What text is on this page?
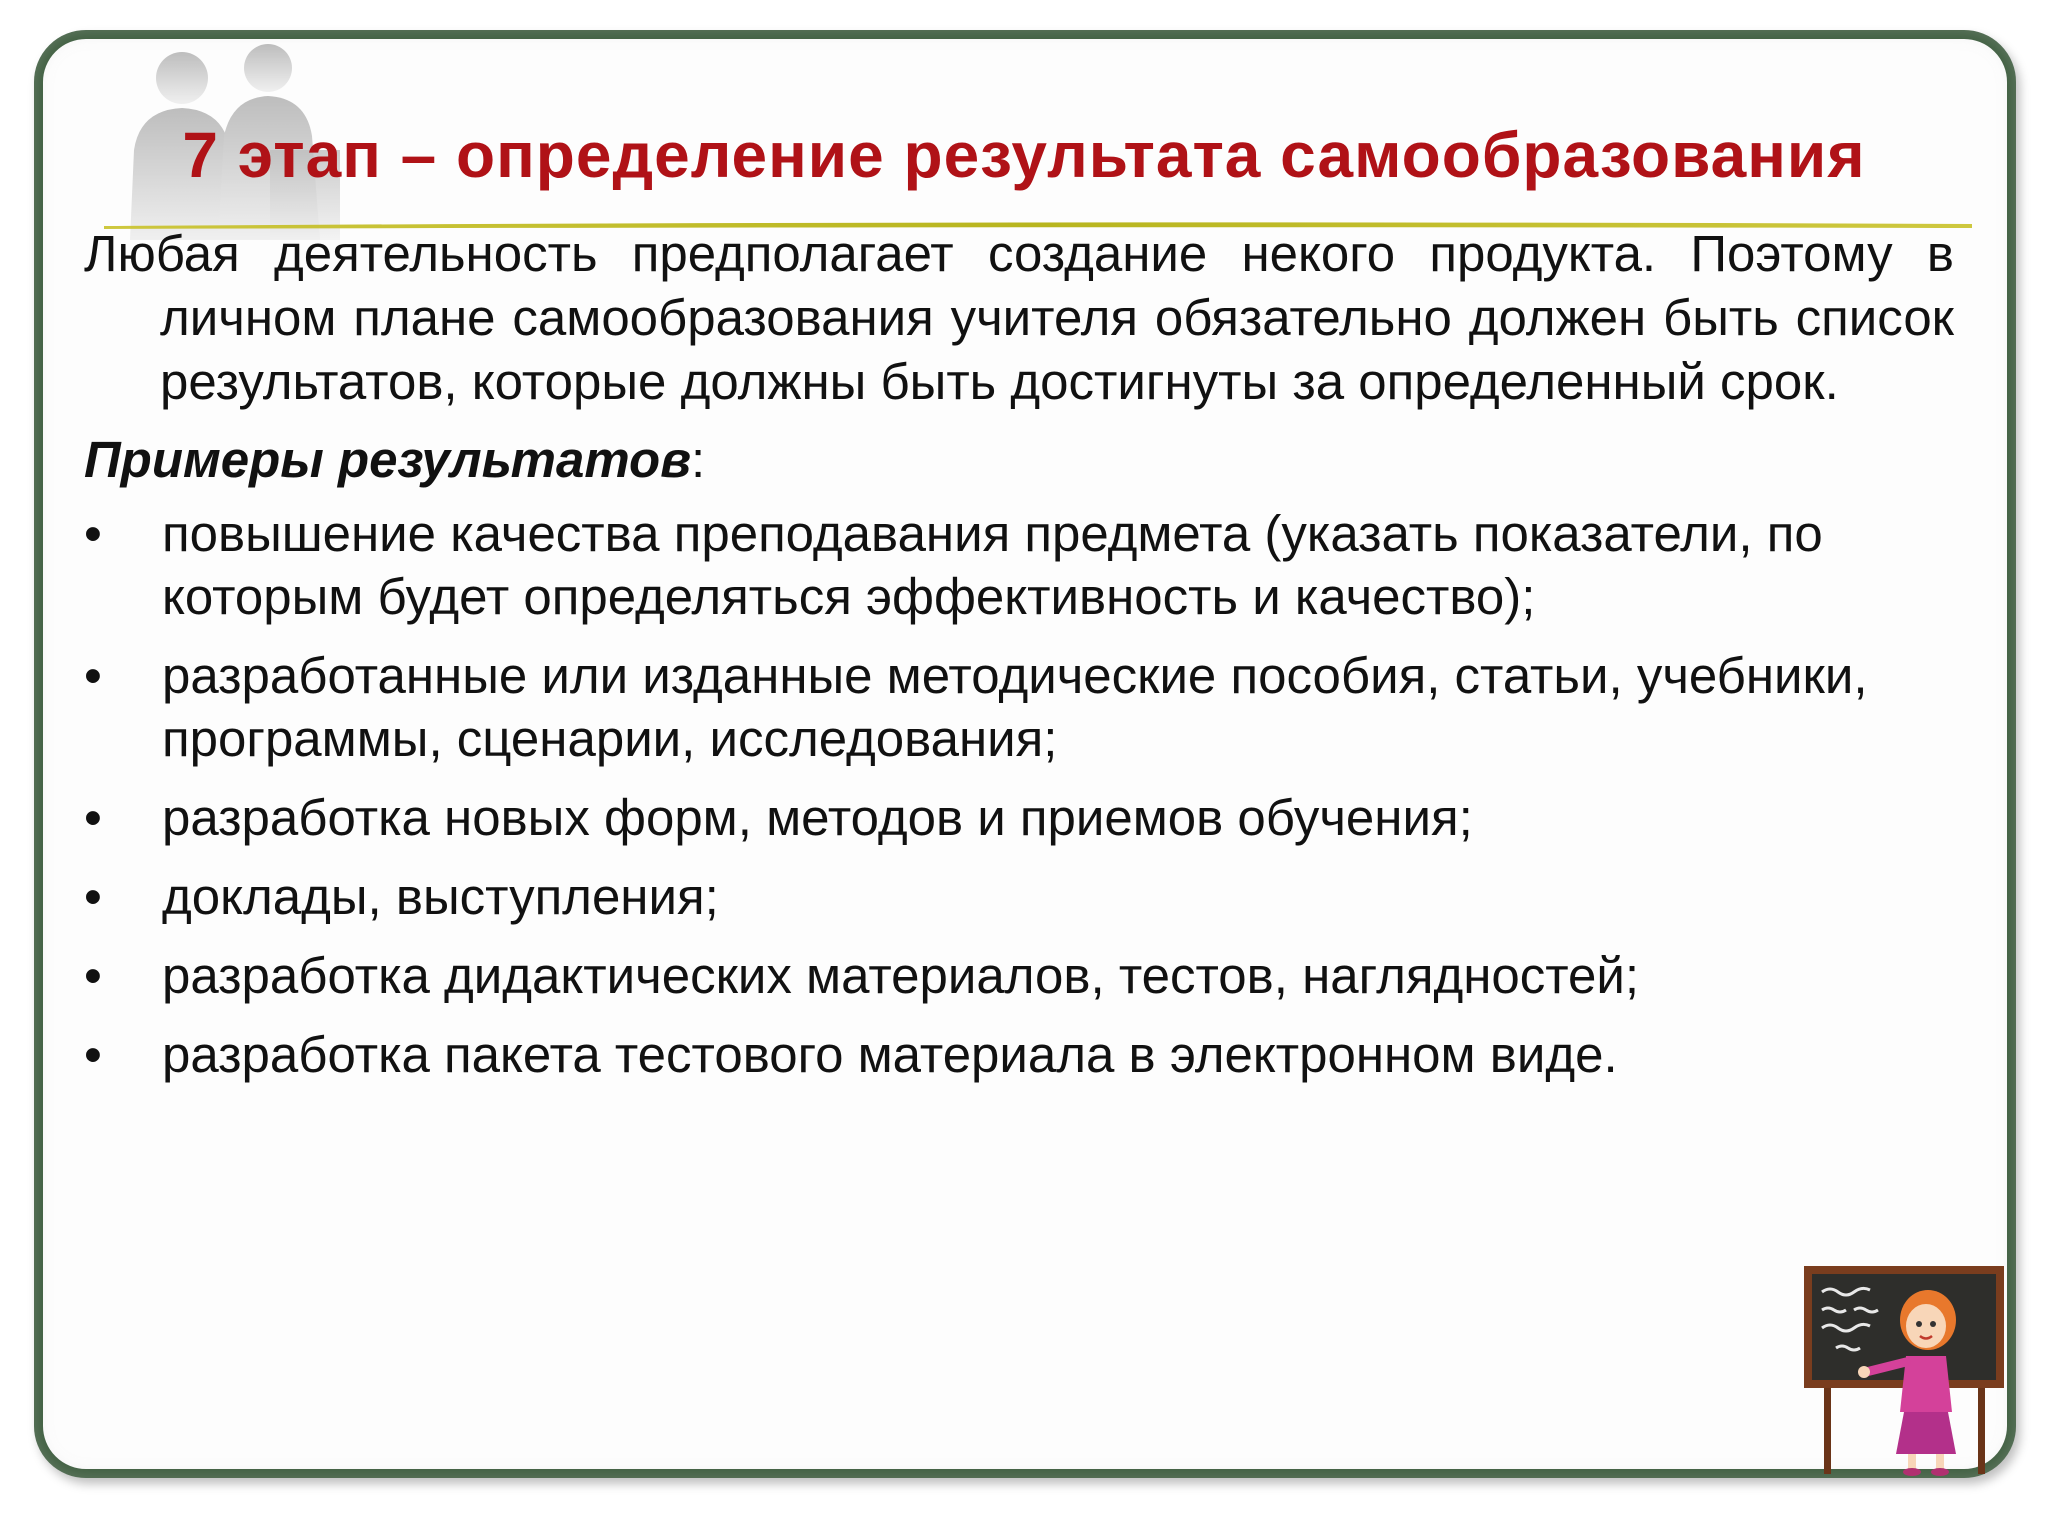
7 этап – определение результата самообразования

Любая деятельность предполагает создание некого продукта. Поэтому в личном плане самообразования учителя обязательно должен быть список результатов, которые должны быть достигнуты за определенный срок.

Примеры результатов:
• повышение качества преподавания предмета (указать показатели, по которым будет определяться эффективность и качество);
• разработанные или изданные методические пособия, статьи, учебники, программы, сценарии, исследования;
• разработка новых форм, методов и приемов обучения;
• доклады, выступления;
• разработка дидактических материалов, тестов, наглядностей;
• разработка пакета тестового материала в электронном виде.
